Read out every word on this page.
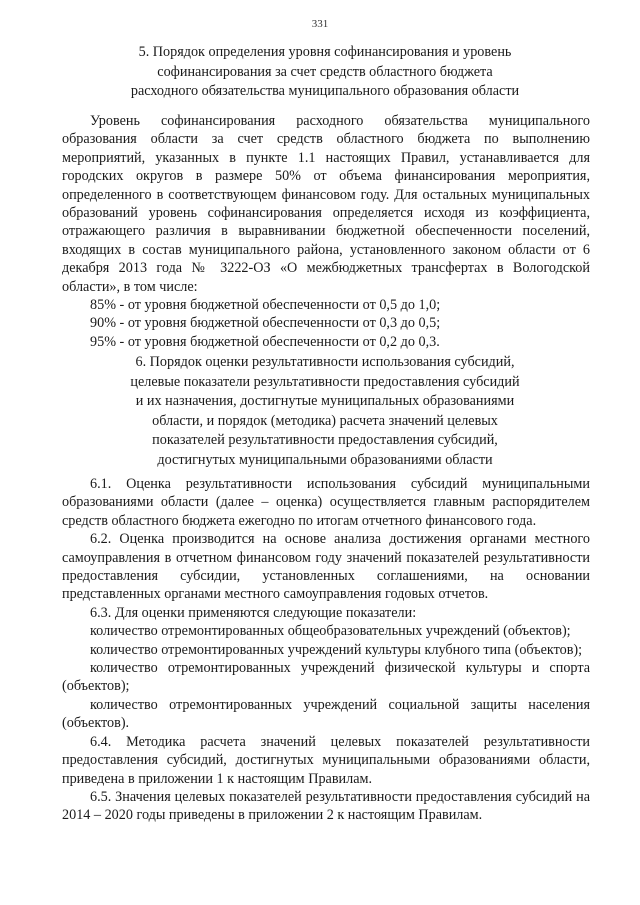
331
5. Порядок определения уровня софинансирования и уровень
софинансирования за счет средств областного бюджета
расходного обязательства муниципального образования области

Уровень софинансирования расходного обязательства муниципального образования области за счет средств областного бюджета по выполнению мероприятий, указанных в пункте 1.1 настоящих Правил, устанавливается для городских округов в размере 50% от объема финансирования мероприятия, определенного в соответствующем финансовом году. Для остальных муниципальных образований уровень софинансирования определяется исходя из коэффициента, отражающего различия в выравнивании бюджетной обеспеченности поселений, входящих в состав муниципального района, установленного законом области от 6 декабря 2013 года № 3222-ОЗ «О межбюджетных трансфертах в Вологодской области», в том числе:

85% - от уровня бюджетной обеспеченности от 0,5 до 1,0;

90% - от уровня бюджетной обеспеченности от 0,3 до 0,5;

95% - от уровня бюджетной обеспеченности от 0,2 до 0,3.

6. Порядок оценки результативности использования субсидий,
целевые показатели результативности предоставления субсидий
и их назначения, достигнутые муниципальных образованиями
области, и порядок (методика) расчета значений целевых
показателей результативности предоставления субсидий,
достигнутых муниципальными образованиями области

6.1. Оценка результативности использования субсидий муниципальными образованиями области (далее – оценка) осуществляется главным распорядителем средств областного бюджета ежегодно по итогам отчетного финансового года.

6.2. Оценка производится на основе анализа достижения органами местного самоуправления в отчетном финансовом году значений показателей результативности предоставления субсидии, установленных соглашениями, на основании представленных органами местного самоуправления годовых отчетов.

6.3. Для оценки применяются следующие показатели:

количество отремонтированных общеобразовательных учреждений (объектов);

количество отремонтированных учреждений культуры клубного типа (объектов);

количество отремонтированных учреждений физической культуры и спорта (объектов);

количество отремонтированных учреждений социальной защиты населения (объектов).

6.4. Методика расчета значений целевых показателей результативности предоставления субсидий, достигнутых муниципальными образованиями области, приведена в приложении 1 к настоящим Правилам.

6.5. Значения целевых показателей результативности предоставления субсидий на 2014 – 2020 годы приведены в приложении 2 к настоящим Правилам.
